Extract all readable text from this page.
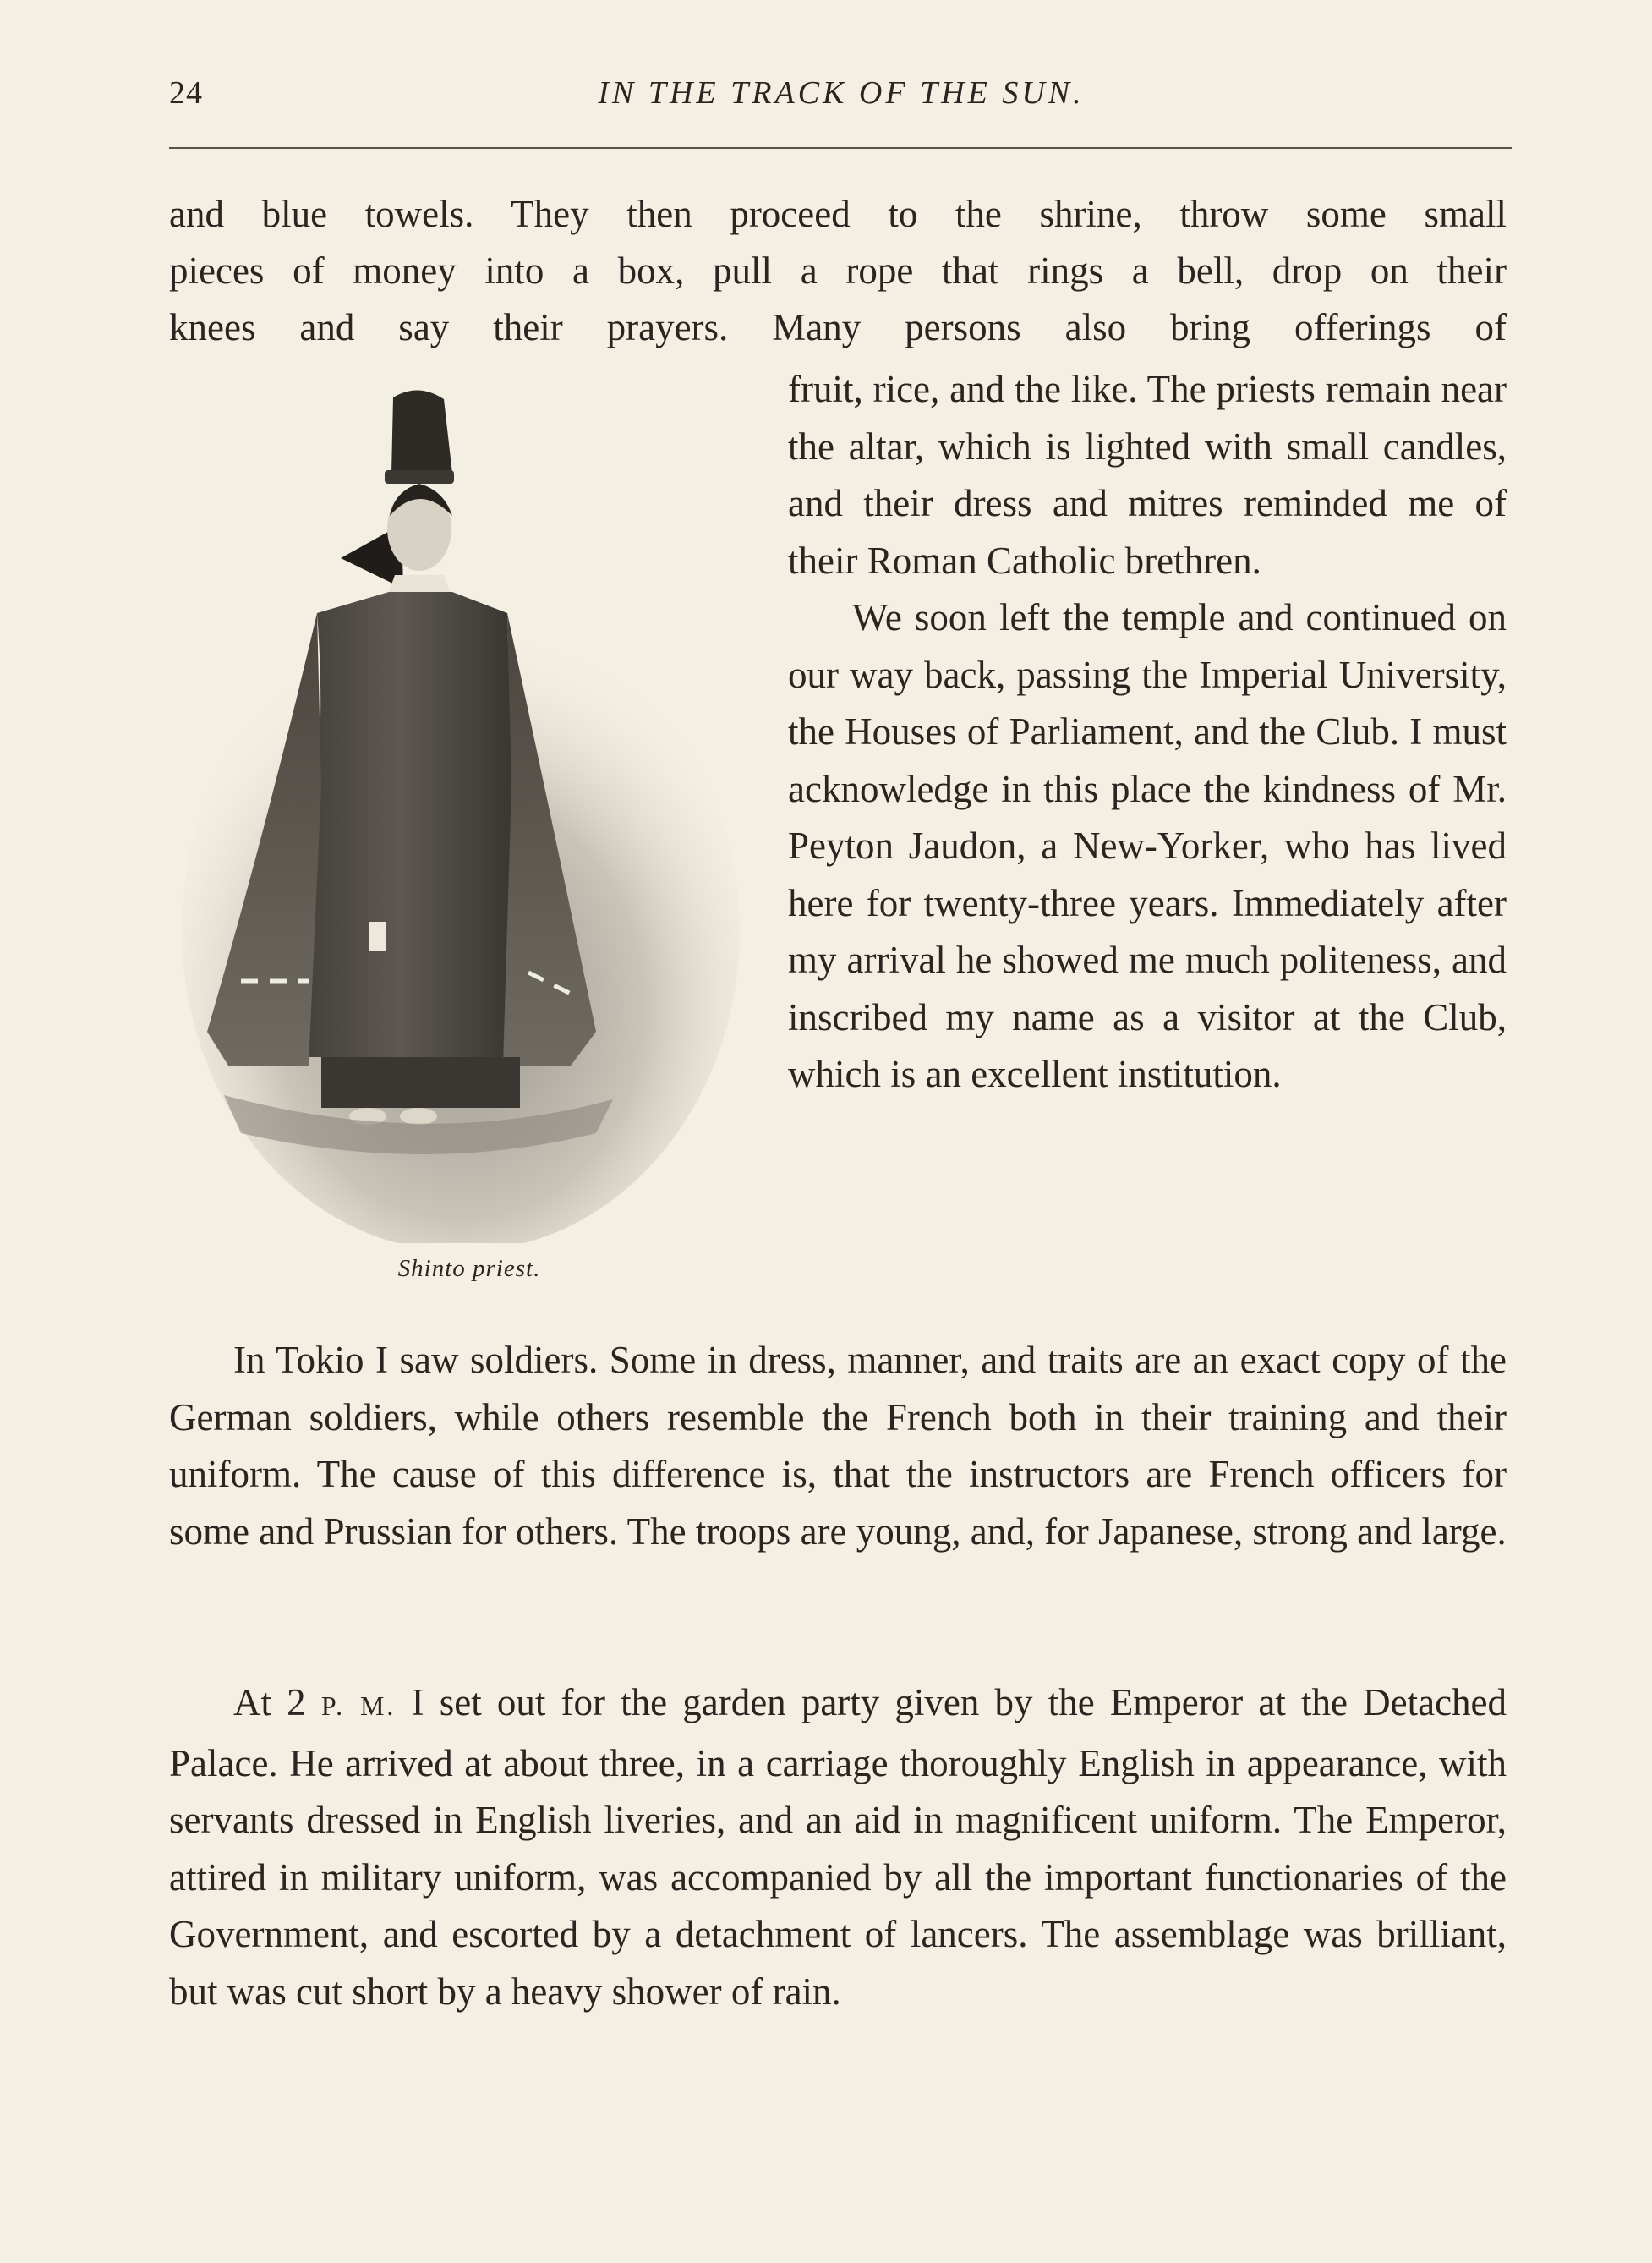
24	IN THE TRACK OF THE SUN.
and blue towels. They then proceed to the shrine, throw some small
pieces of money into a box, pull a rope that rings a bell, drop on their
knees and say their prayers. Many persons also bring offerings of
Shinto priest.

fruit, rice, and the like. The priests remain near the altar, which is lighted with small candles, and their dress and mitres reminded me of their Roman Catholic brethren.

We soon left the temple and continued on our way back, passing the Imperial University, the Houses of Parliament, and the Club. I must acknowledge in this place the kindness of Mr. Peyton Jaudon, a New-Yorker, who has lived here for twenty-three years. Immediately after my arrival he showed me much politeness, and inscribed my name as a visitor at the Club, which is an excellent institution.

In Tokio I saw soldiers. Some in dress, manner, and traits are an exact copy of the German soldiers, while others resemble the French both in their training and their uniform. The cause of this difference is, that the instructors are French officers for some and Prussian for others. The troops are young, and, for Japanese, strong and large.
At 2 P. M. I set out for the garden party given by the Emperor at the Detached Palace. He arrived at about three, in a carriage thoroughly English in appearance, with servants dressed in English liveries, and an aid in magnificent uniform. The Emperor, attired in military uniform, was accompanied by all the important functionaries of the Government, and escorted by a detachment of lancers. The assemblage was brilliant, but was cut short by a heavy shower of rain.
